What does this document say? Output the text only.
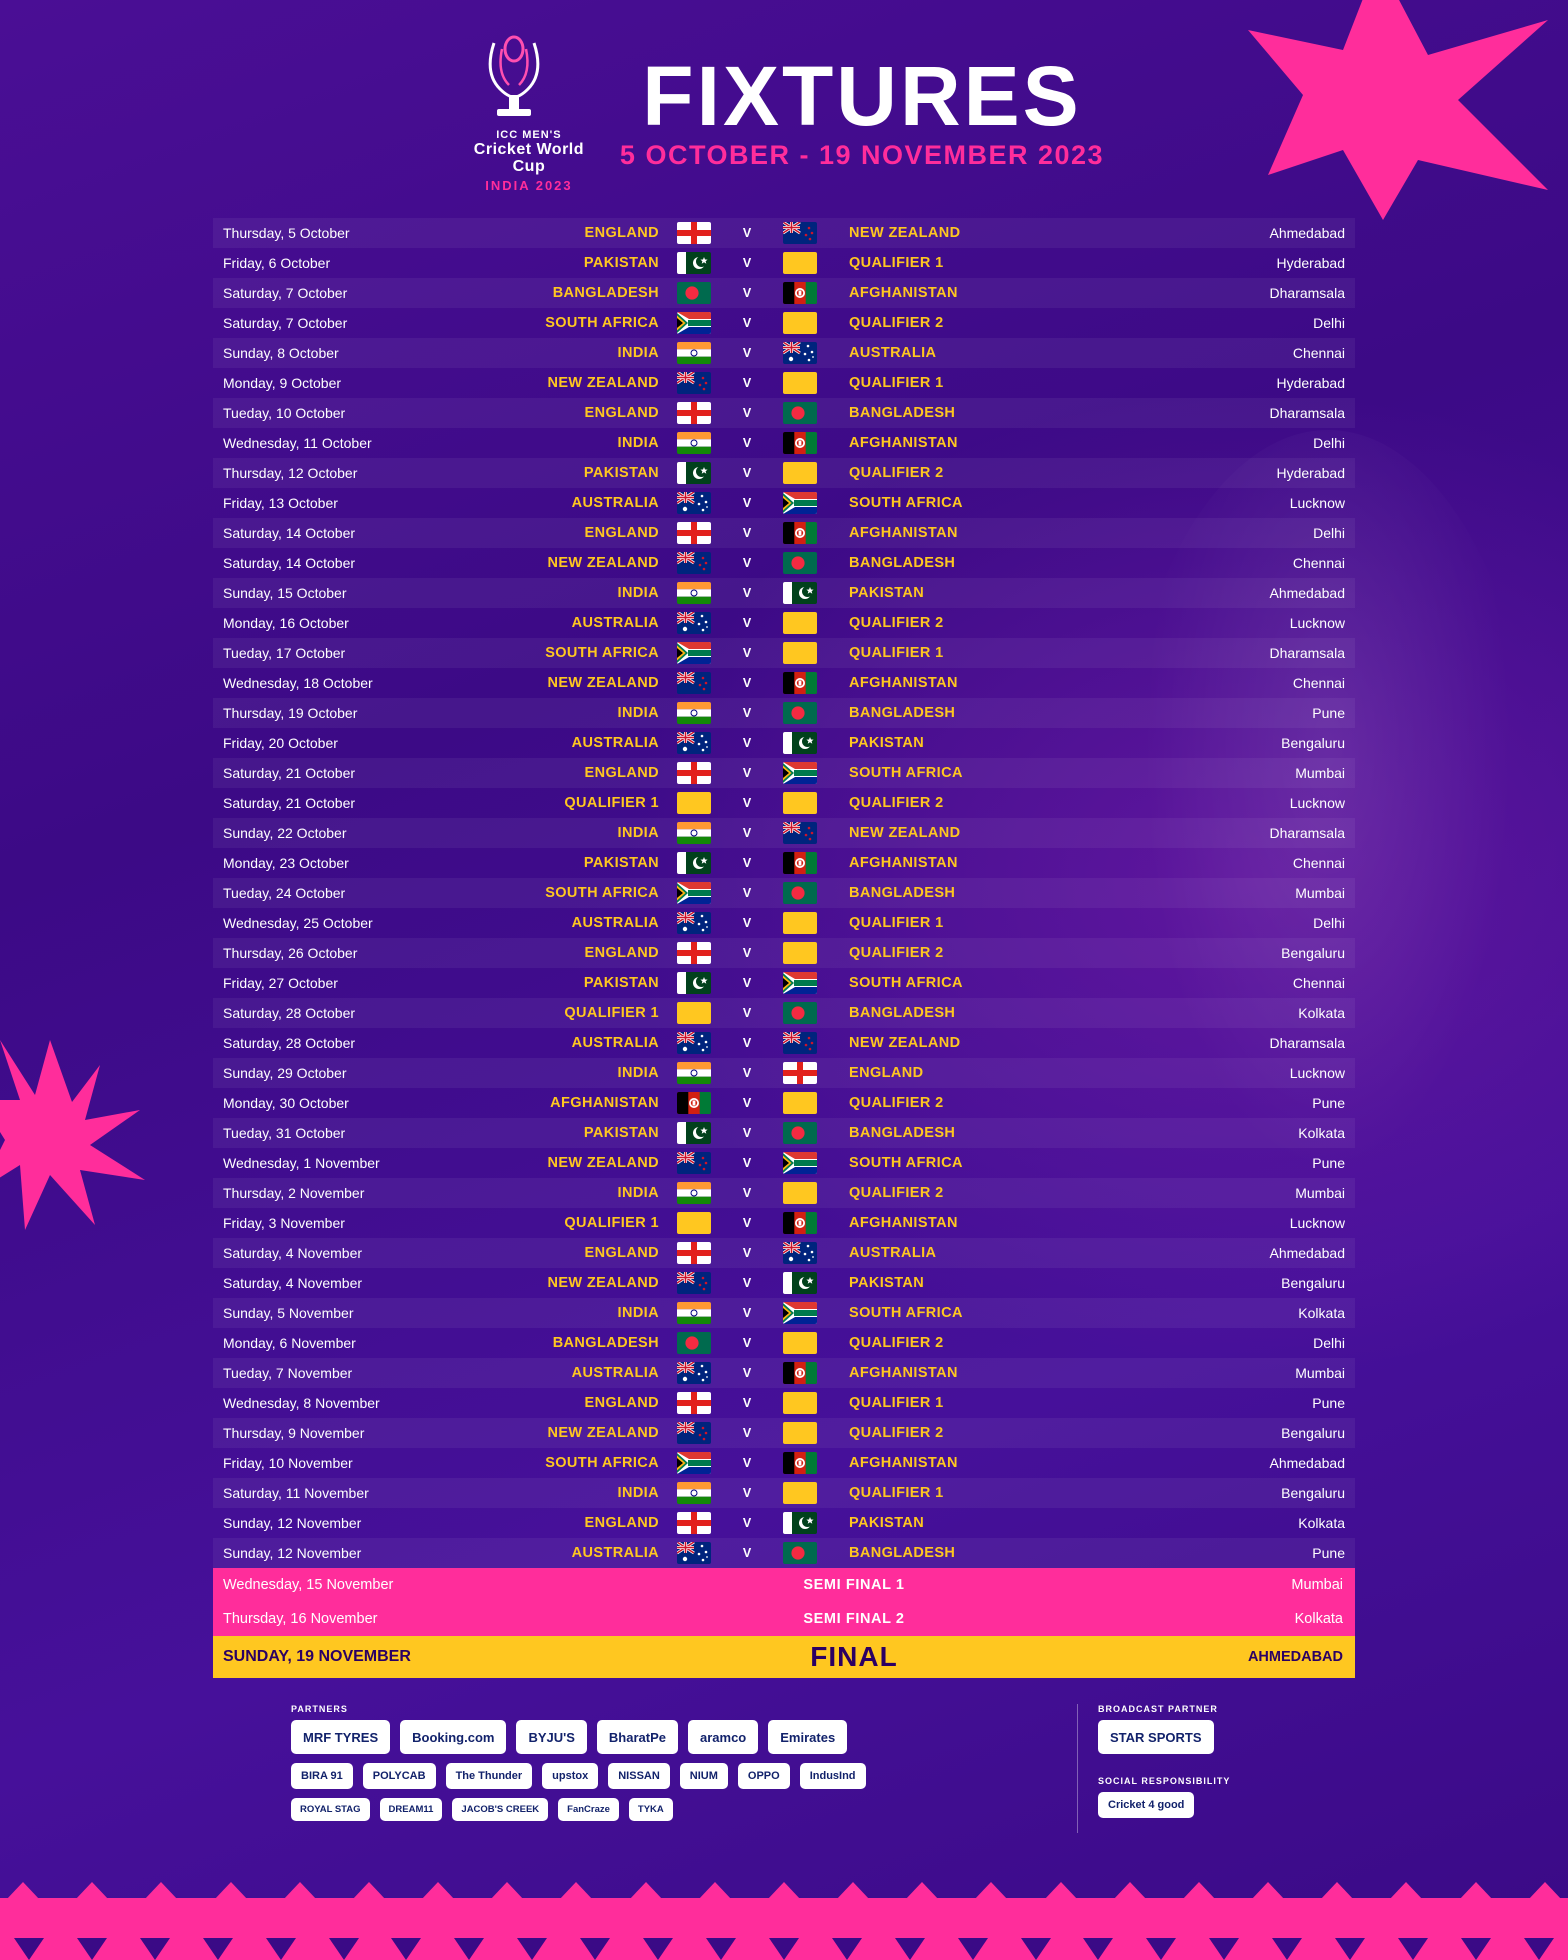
ICC MEN'S
Cricket World Cup
INDIA 2023
FIXTURES
5 OCTOBER - 19 NOVEMBER 2023
Thursday, 5 October	ENGLAND	V	NEW ZEALAND	Ahmedabad
Friday, 6 October	PAKISTAN	V	QUALIFIER 1	Hyderabad
Saturday, 7 October	BANGLADESH	V	AFGHANISTAN	Dharamsala
Saturday, 7 October	SOUTH AFRICA	V	QUALIFIER 2	Delhi
Sunday, 8 October	INDIA	V	AUSTRALIA	Chennai
Monday, 9 October	NEW ZEALAND	V	QUALIFIER 1	Hyderabad
Tueday, 10 October	ENGLAND	V	BANGLADESH	Dharamsala
Wednesday, 11 October	INDIA	V	AFGHANISTAN	Delhi
Thursday, 12 October	PAKISTAN	V	QUALIFIER 2	Hyderabad
Friday, 13 October	AUSTRALIA	V	SOUTH AFRICA	Lucknow
Saturday, 14 October	ENGLAND	V	AFGHANISTAN	Delhi
Saturday, 14 October	NEW ZEALAND	V	BANGLADESH	Chennai
Sunday, 15 October	INDIA	V	PAKISTAN	Ahmedabad
Monday, 16 October	AUSTRALIA	V	QUALIFIER 2	Lucknow
Tueday, 17 October	SOUTH AFRICA	V	QUALIFIER 1	Dharamsala
Wednesday, 18 October	NEW ZEALAND	V	AFGHANISTAN	Chennai
Thursday, 19 October	INDIA	V	BANGLADESH	Pune
Friday, 20 October	AUSTRALIA	V	PAKISTAN	Bengaluru
Saturday, 21 October	ENGLAND	V	SOUTH AFRICA	Mumbai
Saturday, 21 October	QUALIFIER 1	V	QUALIFIER 2	Lucknow
Sunday, 22 October	INDIA	V	NEW ZEALAND	Dharamsala
Monday, 23 October	PAKISTAN	V	AFGHANISTAN	Chennai
Tueday, 24 October	SOUTH AFRICA	V	BANGLADESH	Mumbai
Wednesday, 25 October	AUSTRALIA	V	QUALIFIER 1	Delhi
Thursday, 26 October	ENGLAND	V	QUALIFIER 2	Bengaluru
Friday, 27 October	PAKISTAN	V	SOUTH AFRICA	Chennai
Saturday, 28 October	QUALIFIER 1	V	BANGLADESH	Kolkata
Saturday, 28 October	AUSTRALIA	V	NEW ZEALAND	Dharamsala
Sunday, 29 October	INDIA	V	ENGLAND	Lucknow
Monday, 30 October	AFGHANISTAN	V	QUALIFIER 2	Pune
Tueday, 31 October	PAKISTAN	V	BANGLADESH	Kolkata
Wednesday, 1 November	NEW ZEALAND	V	SOUTH AFRICA	Pune
Thursday, 2 November	INDIA	V	QUALIFIER 2	Mumbai
Friday, 3 November	QUALIFIER 1	V	AFGHANISTAN	Lucknow
Saturday, 4 November	ENGLAND	V	AUSTRALIA	Ahmedabad
Saturday, 4 November	NEW ZEALAND	V	PAKISTAN	Bengaluru
Sunday, 5 November	INDIA	V	SOUTH AFRICA	Kolkata
Monday, 6 November	BANGLADESH	V	QUALIFIER 2	Delhi
Tueday, 7 November	AUSTRALIA	V	AFGHANISTAN	Mumbai
Wednesday, 8 November	ENGLAND	V	QUALIFIER 1	Pune
Thursday, 9 November	NEW ZEALAND	V	QUALIFIER 2	Bengaluru
Friday, 10 November	SOUTH AFRICA	V	AFGHANISTAN	Ahmedabad
Saturday, 11 November	INDIA	V	QUALIFIER 1	Bengaluru
Sunday, 12 November	ENGLAND	V	PAKISTAN	Kolkata
Sunday, 12 November	AUSTRALIA	V	BANGLADESH	Pune
Wednesday, 15 November	SEMI FINAL 1	Mumbai
Thursday, 16 November	SEMI FINAL 2	Kolkata
SUNDAY, 19 NOVEMBER	FINAL	AHMEDABAD
PARTNERS
MRF TYRES	Booking.com	BYJU'S	BharatPe	aramco	Emirates
BIRA 91	POLYCAB	The Thunder	upstox	NISSAN	NIUM	OPPO	IndusInd
ROYAL STAG	DREAM11	JACOB'S CREEK	FanCraze	TYKA
BROADCAST PARTNER
STAR SPORTS
SOCIAL RESPONSIBILITY
Cricket 4 good
